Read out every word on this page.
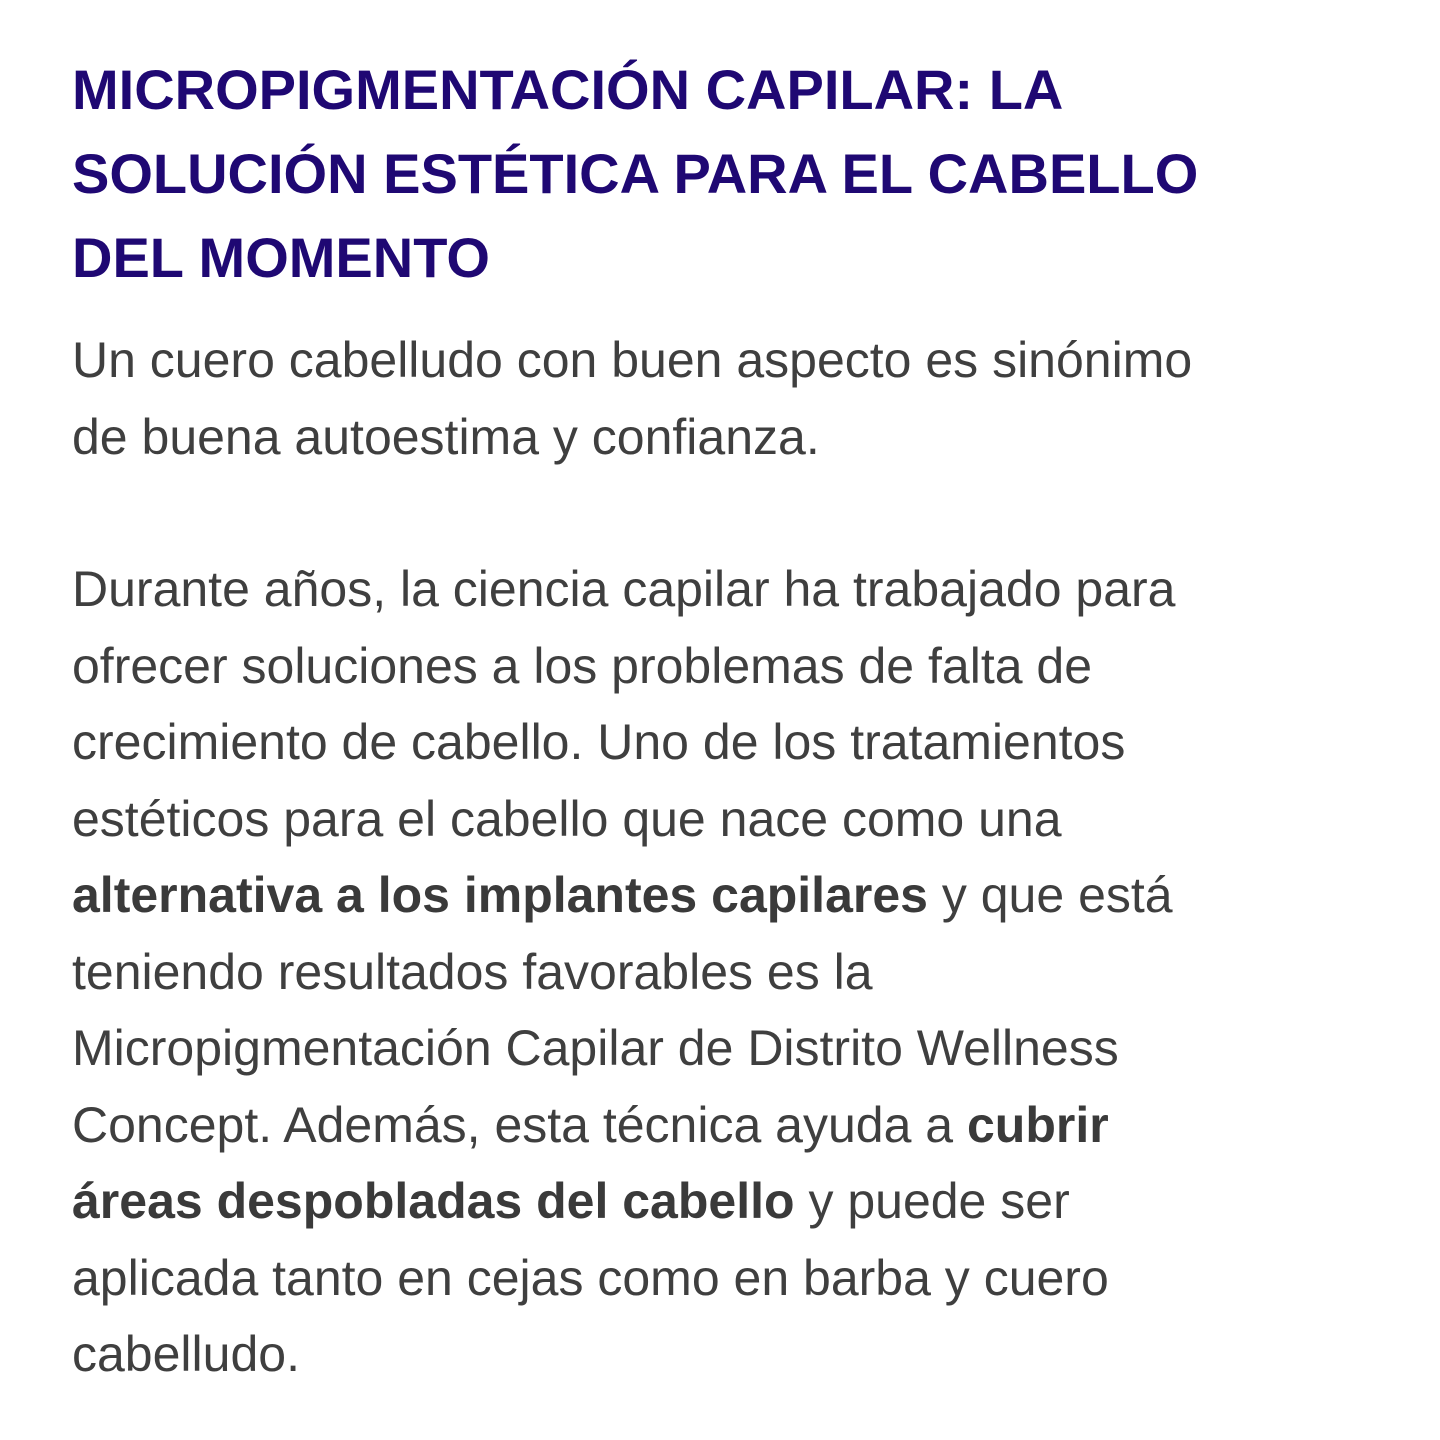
MICROPIGMENTACIÓN CAPILAR: LA
SOLUCIÓN ESTÉTICA PARA EL CABELLO
DEL MOMENTO

Un cuero cabelludo con buen aspecto es sinónimo
de buena autoestima y confianza.

Durante años, la ciencia capilar ha trabajado para
ofrecer soluciones a los problemas de falta de
crecimiento de cabello. Uno de los tratamientos
estéticos para el cabello que nace como una
alternativa a los implantes capilares y que está
teniendo resultados favorables es la
Micropigmentación Capilar de Distrito Wellness
Concept. Además, esta técnica ayuda a cubrir
áreas despobladas del cabello y puede ser
aplicada tanto en cejas como en barba y cuero
cabelludo.
